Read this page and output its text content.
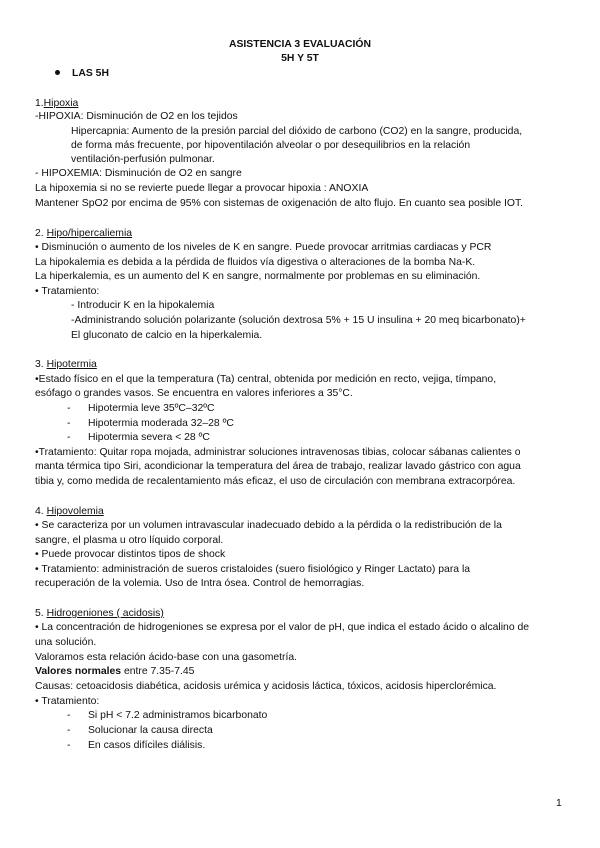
ASISTENCIA 3 EVALUACIÓN
5H Y 5T
LAS 5H
1.Hipoxia
-HIPOXIA: Disminución de O2 en los tejidos
Hipercapnia: Aumento de la presión parcial del dióxido de carbono (CO2) en la sangre, producida,
de forma más frecuente, por hipoventilación alveolar o por desequilibrios en la relación
ventilación-perfusión pulmonar.
- HIPOXEMIA: Disminución de O2 en sangre
La hipoxemia si no se revierte puede llegar a provocar hipoxia : ANOXIA
Mantener SpO2 por encima de 95% con sistemas de oxigenación de alto flujo. En cuanto sea posible IOT.
2. Hipo/hipercaliemia
• Disminución o aumento de los niveles de K en sangre. Puede provocar arritmias cardiacas y PCR
La hipokalemia es debida a la pérdida de fluidos vía digestiva o alteraciones de la bomba Na-K.
La hiperkalemia, es un aumento del K en sangre, normalmente por problemas en su eliminación.
• Tratamiento:
- Introducir K en la hipokalemia
-Administrando solución polarizante (solución dextrosa 5% + 15 U insulina + 20 meq bicarbonato)+
El gluconato de calcio en la hiperkalemia.
3. Hipotermia
•Estado físico en el que la temperatura (Ta) central, obtenida por medición en recto, vejiga, tímpano,
esófago o grandes vasos. Se encuentra en valores inferiores a 35°C.
- Hipotermia leve 35ºC–32ºC
- Hipotermia moderada 32–28 ºC
- Hipotermia severa < 28 ºC
•Tratamiento: Quitar ropa mojada, administrar soluciones intravenosas tibias, colocar sábanas calientes o
manta térmica tipo Siri, acondicionar la temperatura del área de trabajo, realizar lavado gástrico con agua
tibia y, como medida de recalentamiento más eficaz, el uso de circulación con membrana extracorpórea.
4. Hipovolemia
• Se caracteriza por un volumen intravascular inadecuado debido a la pérdida o la redistribución de la
sangre, el plasma u otro líquido corporal.
• Puede provocar distintos tipos de shock
• Tratamiento: administración de sueros cristaloides (suero fisiológico y Ringer Lactato) para la
recuperación de la volemia. Uso de Intra ósea. Control de hemorragias.
5. Hidrogeniones ( acidosis)
• La concentración de hidrogeniones se expresa por el valor de pH, que indica el estado ácido o alcalino de
una solución.
Valoramos esta relación ácido-base con una gasometría.
Valores normales entre 7.35-7.45
Causas: cetoacidosis diabética, acidosis urémica y acidosis láctica, tóxicos, acidosis hiperclorémica.
• Tratamiento:
- Si pH < 7.2 administramos bicarbonato
- Solucionar la causa directa
- En casos difíciles diálisis.
1
